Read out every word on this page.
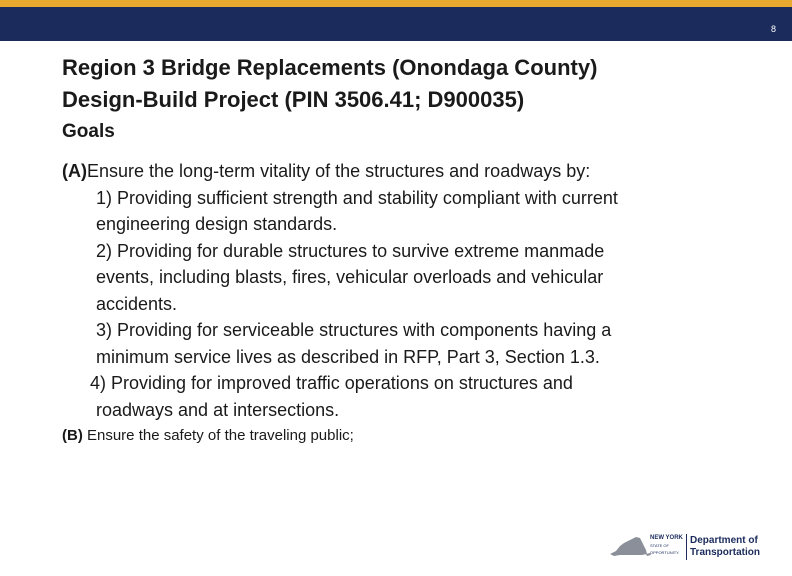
8
Region 3 Bridge Replacements (Onondaga County)
Design-Build Project (PIN 3506.41; D900035)
Goals
(A)Ensure the long-term vitality of the structures and roadways by:
1) Providing sufficient strength and stability compliant with current
engineering design standards.
2) Providing for durable structures to survive extreme manmade
events, including blasts, fires, vehicular overloads and vehicular
accidents.
3) Providing for serviceable structures with components having a
minimum service lives as described in RFP, Part 3, Section 1.3.
4) Providing for improved traffic operations on structures and
roadways and at intersections.
(B) Ensure the safety of the traveling public;
NEW YORK
STATE OF
OPPORTUNITY.
Department of
Transportation
